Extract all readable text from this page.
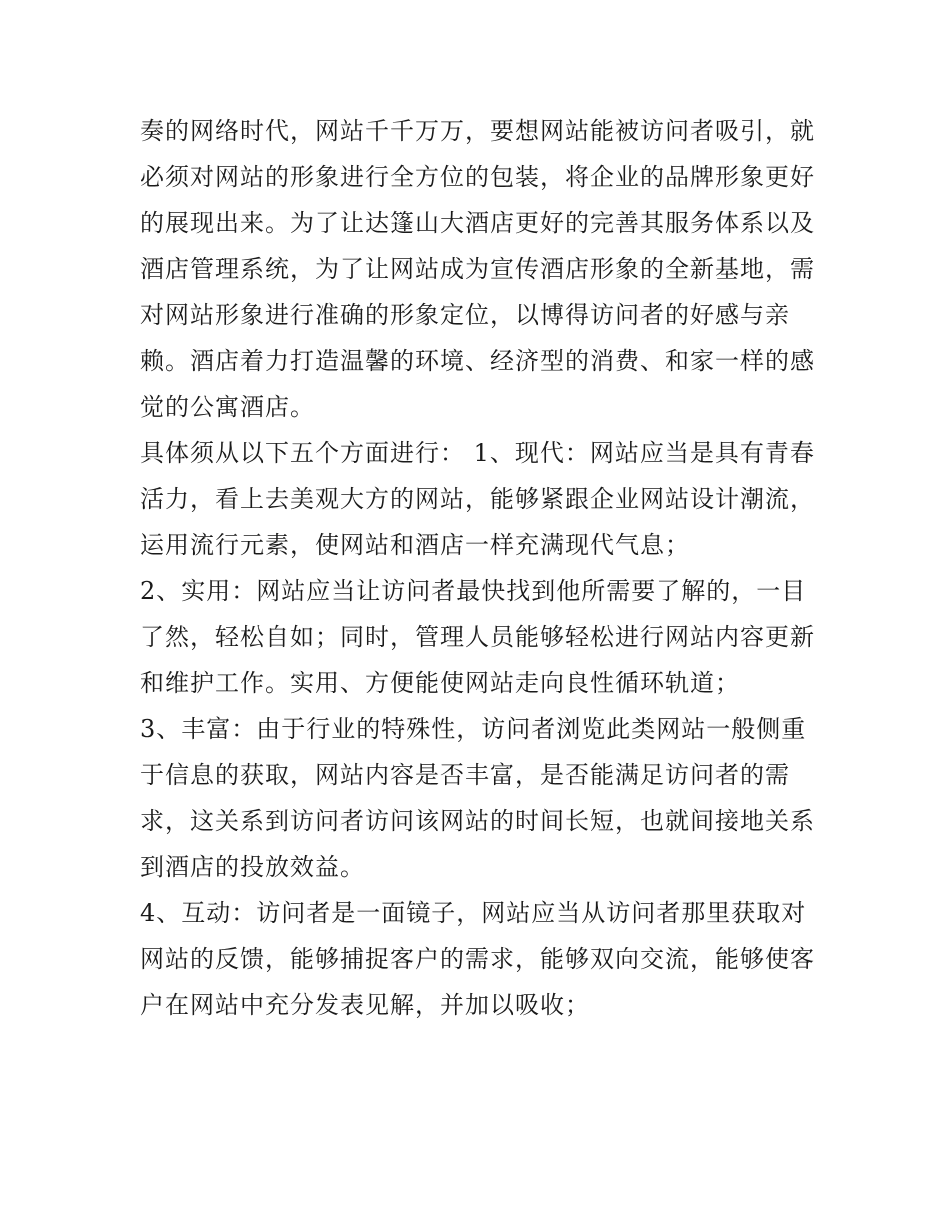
奏的网络时代，网站千千万万，要想网站能被访问者吸引，就
必须对网站的形象进行全方位的包装，将企业的品牌形象更好
的展现出来。为了让达篷山大酒店更好的完善其服务体系以及
酒店管理系统，为了让网站成为宣传酒店形象的全新基地，需
对网站形象进行准确的形象定位，以博得访问者的好感与亲
赖。酒店着力打造温馨的环境、经济型的消费、和家一样的感
觉的公寓酒店。
具体须从以下五个方面进行： 1、现代：网站应当是具有青春
活力，看上去美观大方的网站，能够紧跟企业网站设计潮流，
运用流行元素，使网站和酒店一样充满现代气息；
2、实用：网站应当让访问者最快找到他所需要了解的，一目
了然，轻松自如；同时，管理人员能够轻松进行网站内容更新
和维护工作。实用、方便能使网站走向良性循环轨道；
3、丰富：由于行业的特殊性，访问者浏览此类网站一般侧重
于信息的获取，网站内容是否丰富，是否能满足访问者的需
求，这关系到访问者访问该网站的时间长短，也就间接地关系
到酒店的投放效益。
4、互动：访问者是一面镜子，网站应当从访问者那里获取对
网站的反馈，能够捕捉客户的需求，能够双向交流，能够使客
户在网站中充分发表见解，并加以吸收；
